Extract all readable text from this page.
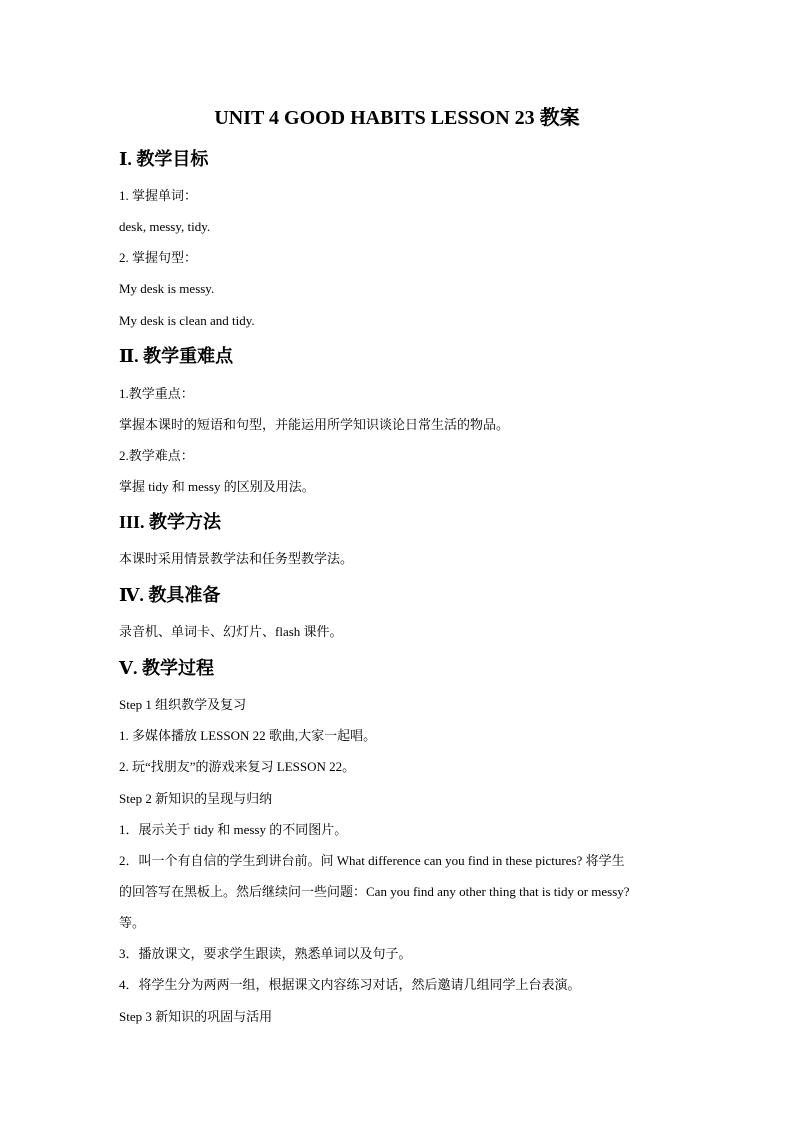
UNIT 4 GOOD HABITS LESSON 23 教案
Ⅰ. 教学目标
1. 掌握单词：
desk, messy, tidy.
2. 掌握句型：
My desk is messy.
My desk is clean and tidy.
Ⅱ. 教学重难点
1.教学重点：
掌握本课时的短语和句型，并能运用所学知识谈论日常生活的物品。
2.教学难点：
掌握 tidy 和 messy 的区别及用法。
III. 教学方法
本课时采用情景教学法和任务型教学法。
Ⅳ. 教具准备
录音机、单词卡、幻灯片、flash 课件。
Ⅴ. 教学过程
Step 1 组织教学及复习
1. 多媒体播放 LESSON 22 歌曲,大家一起唱。
2. 玩“找朋友”的游戏来复习 LESSON 22。
Step 2 新知识的呈现与归纳
1．展示关于 tidy 和 messy 的不同图片。
2．叫一个有自信的学生到讲台前。问 What difference can you find in these pictures? 将学生
的回答写在黑板上。然后继续问一些问题：Can you find any other thing that is tidy or messy?
等。
3．播放课文，要求学生跟读，熟悉单词以及句子。
4．将学生分为两两一组，根据课文内容练习对话，然后邀请几组同学上台表演。
Step 3 新知识的巩固与活用
